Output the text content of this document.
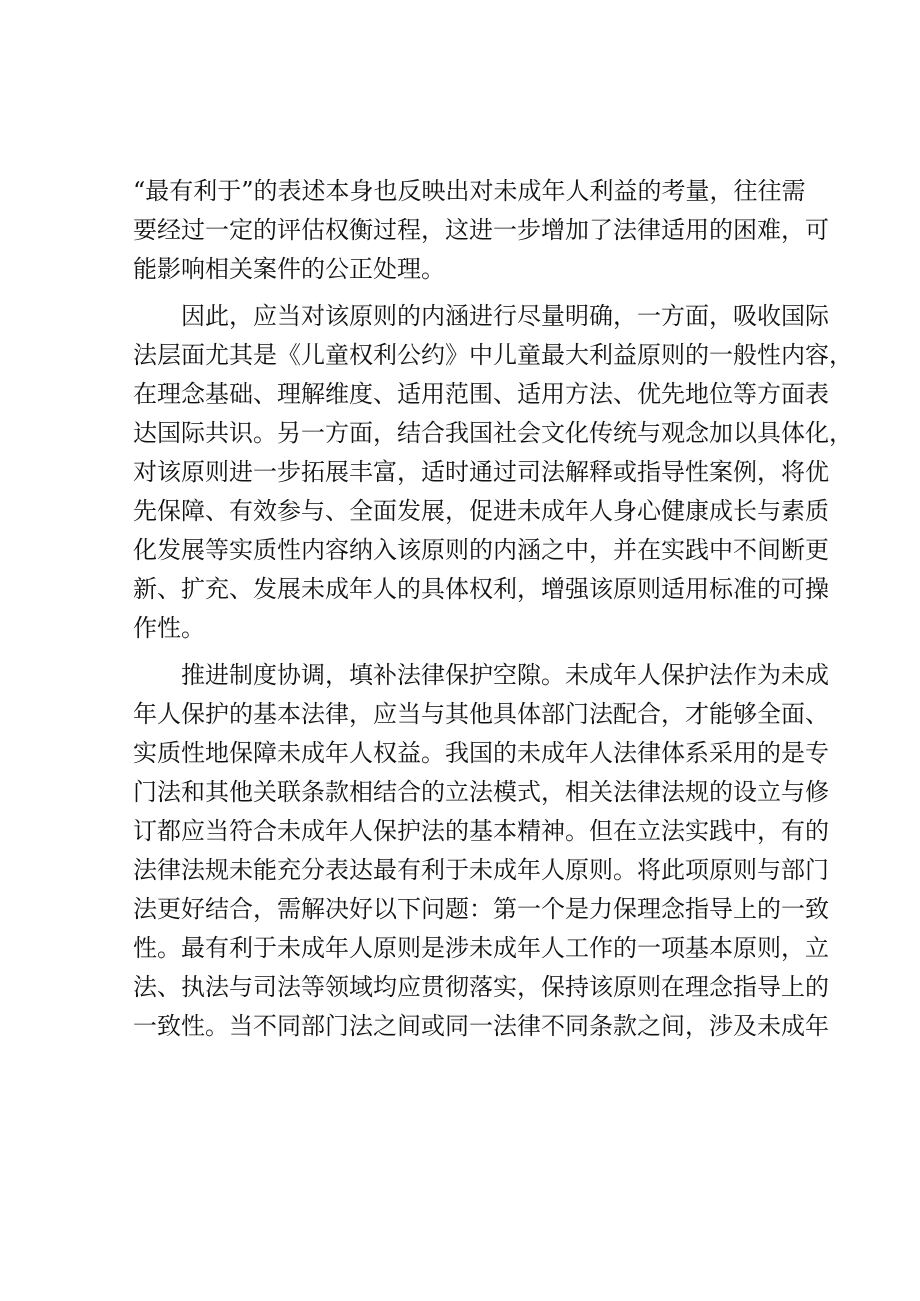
“最有利于”的表述本身也反映出对未成年人利益的考量，往往需
要经过一定的评估权衡过程，这进一步增加了法律适用的困难，可
能影响相关案件的公正处理。

因此，应当对该原则的内涵进行尽量明确，一方面，吸收国际
法层面尤其是《儿童权利公约》中儿童最大利益原则的一般性内容，
在理念基础、理解维度、适用范围、适用方法、优先地位等方面表
达国际共识。另一方面，结合我国社会文化传统与观念加以具体化，
对该原则进一步拓展丰富，适时通过司法解释或指导性案例，将优
先保障、有效参与、全面发展，促进未成年人身心健康成长与素质
化发展等实质性内容纳入该原则的内涵之中，并在实践中不间断更
新、扩充、发展未成年人的具体权利，增强该原则适用标准的可操
作性。

推进制度协调，填补法律保护空隙。未成年人保护法作为未成
年人保护的基本法律，应当与其他具体部门法配合，才能够全面、
实质性地保障未成年人权益。我国的未成年人法律体系采用的是专
门法和其他关联条款相结合的立法模式，相关法律法规的设立与修
订都应当符合未成年人保护法的基本精神。但在立法实践中，有的
法律法规未能充分表达最有利于未成年人原则。将此项原则与部门
法更好结合，需解决好以下问题：第一个是力保理念指导上的一致
性。最有利于未成年人原则是涉未成年人工作的一项基本原则，立
法、执法与司法等领域均应贯彻落实，保持该原则在理念指导上的
一致性。当不同部门法之间或同一法律不同条款之间，涉及未成年
